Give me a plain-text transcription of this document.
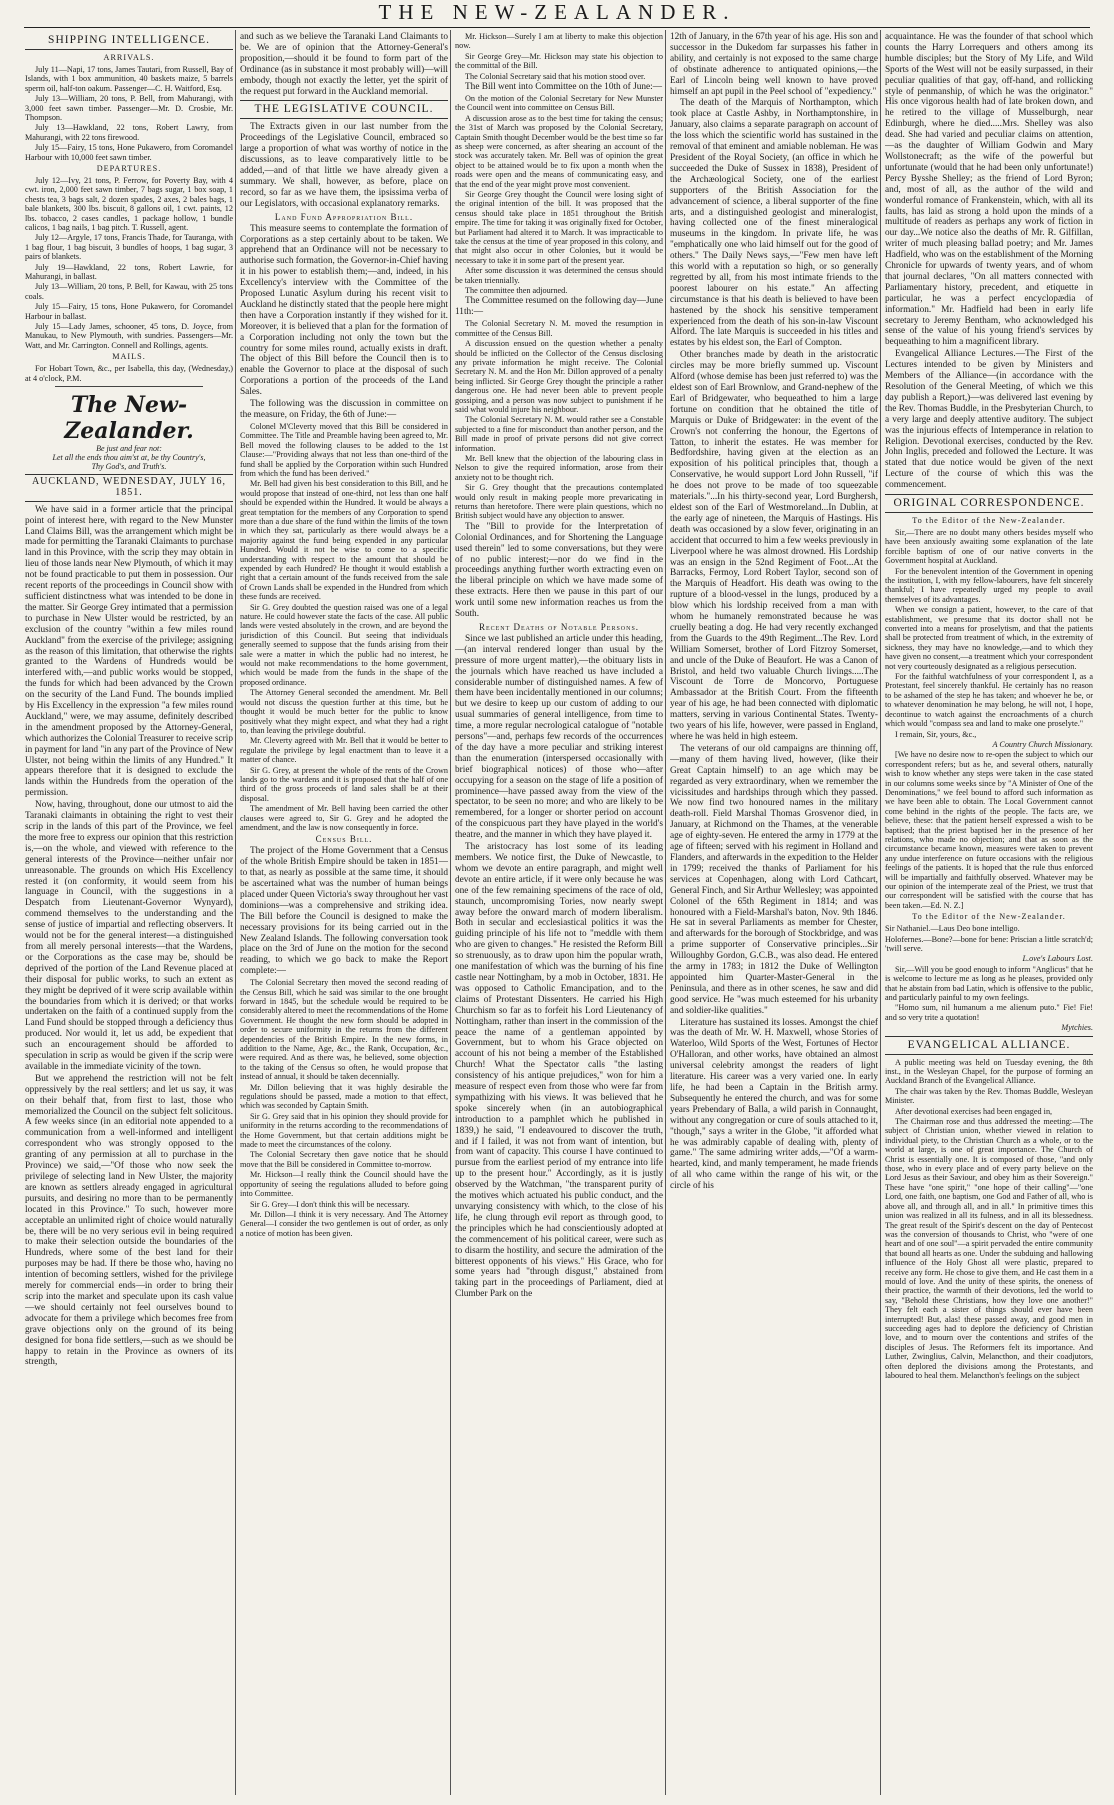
THE NEW-ZEALANDER.
SHIPPING INTELLIGENCE.
ARRIVALS.

July 11—Napi, 17 tons, James Tautari, from Russell, Bay of Islands, with 1 box ammunition, 40 baskets maize, 5 barrels sperm oil, half-ton oakum. Passenger—C. H. Waitford, Esq.

July 13—William, 20 tons, P. Bell, from Mahurangi, with 3,000 feet sawn timber. Passenger—Mr. D. Crosbie, Mr. Thompson.

July 13—Hawkland, 22 tons, Robert Lawry, from Mahurangi, with 22 tons firewood.

July 15—Fairy, 15 tons, Hone Pukawero, from Coromandel Harbour with 10,000 feet sawn timber.

DEPARTURES.

July 12—Ivy, 21 tons, P. Ferrow, for Poverty Bay, with 4 cwt. iron, 2,000 feet sawn timber, 7 bags sugar, 1 box soap, 1 chests tea, 3 bags salt, 2 dozen spades, 2 axes, 2 bales bags, 1 bale blankets, 300 lbs. biscuit, 8 gallons oil, 1 cwt. paints, 12 lbs. tobacco, 2 cases candles, 1 package hollow, 1 bundle calicos, 1 bag nails, 1 bag pitch. T. Russell, agent.

July 12—Argyle, 17 tons, Francis Thade, for Tauranga, with 1 bag flour, 1 bag biscuit, 3 bundles of hoops, 1 bag sugar, 3 pairs of blankets.

July 19—Hawkland, 22 tons, Robert Lawrie, for Mahurangi, in ballast.

July 13—William, 20 tons, P. Bell, for Kawau, with 25 tons coals.

July 15—Fairy, 15 tons, Hone Pukawero, for Coromandel Harbour in ballast.

July 15—Lady James, schooner, 45 tons, D. Joyce, from Manukau, to New Plymouth, with sundries. Passengers—Mr. Watt, and Mr. Carrington. Connell and Rollings, agents.

MAILS.

For Hobart Town, &c., per Isabella, this day, (Wednesday,) at 4 o'clock, P.M.

The New-Zealander.
Be just and fear not:
Let all the ends thou aim'st at, be thy Country's,
Thy God's, and Truth's.
AUCKLAND, WEDNESDAY, JULY 16, 1851.

We have said in a former article that the principal point of interest here, with regard to the New Munster Land Claims Bill, was the arrangement which might be made for permitting the Taranaki Claimants to purchase land in this Province, with the scrip they may obtain in lieu of those lands near New Plymouth, of which it may not be found practicable to put them in possession. Our recent reports of the proceedings in Council show with sufficient distinctness what was intended to be done in the matter. Sir George Grey intimated that a permission to purchase in New Ulster would be restricted, by an exclusion of the country "within a few miles round Auckland" from the exercise of the privilege; assigning as the reason of this limitation, that otherwise the rights granted to the Wardens of Hundreds would be interfered with,—and public works would be stopped, the funds for which had been advanced by the Crown on the security of the Land Fund. The bounds implied by His Excellency in the expression "a few miles round Auckland," were, we may assume, definitely described in the amendment proposed by the Attorney-General, which authorizes the Colonial Treasurer to receive scrip in payment for land "in any part of the Province of New Ulster, not being within the limits of any Hundred." It appears therefore that it is designed to exclude the lands within the Hundreds from the operation of the permission.

Now, having, throughout, done our utmost to aid the Taranaki claimants in obtaining the right to vest their scrip in the lands of this part of the Province, we feel the more free to express our opinion that this restriction is,—on the whole, and viewed with reference to the general interests of the Province—neither unfair nor unreasonable. The grounds on which His Excellency rested it (on conformity, it would seem from his language in Council, with the suggestions in a Despatch from Lieutenant-Governor Wynyard), commend themselves to the understanding and the sense of justice of impartial and reflecting observers. It would not be for the general interest—a distinguished from all merely personal interests—that the Wardens, or the Corporations as the case may be, should be deprived of the portion of the Land Revenue placed at their disposal for public works, to such an extent as they might be deprived of it were scrip available within the boundaries from which it is derived; or that works undertaken on the faith of a continued supply from the Land Fund should be stopped through a deficiency thus produced. Nor would it, let us add, be expedient that such an encouragement should be afforded to speculation in scrip as would be given if the scrip were available in the immediate vicinity of the town.

But we apprehend the restriction will not be felt oppressively by the real settlers; and let us say, it was on their behalf that, from first to last, those who memorialized the Council on the subject felt solicitous. A few weeks since (in an editorial note appended to a communication from a well-informed and intelligent correspondent who was strongly opposed to the granting of any permission at all to purchase in the Province) we said,—"Of those who now seek the privilege of selecting land in New Ulster, the majority are known as settlers already engaged in agricultural pursuits, and desiring no more than to be permanently located in this Province." To such, however more acceptable an unlimited right of choice would naturally be, there will be no very serious evil in being required to make their selection outside the boundaries of the Hundreds, where some of the best land for their purposes may be had. If there be those who, having no intention of becoming settlers, wished for the privilege merely for commercial ends—in order to bring their scrip into the market and speculate upon its cash value—we should certainly not feel ourselves bound to advocate for them a privilege which becomes free from grave objections only on the ground of its being designed for bona fide settlers,—such as we should be happy to retain in the Province as owners of its strength,

and such as we believe the Taranaki Land Claimants to be. We are of opinion that the Attorney-General's proposition,—should it be found to form part of the Ordinance (as in substance it most probably will)—will embody, though not exactly the letter, yet the spirit of the request put forward in the Auckland memorial.

THE LEGISLATIVE COUNCIL.

The Extracts given in our last number from the Proceedings of the Legislative Council, embraced so large a proportion of what was worthy of notice in the discussions, as to leave comparatively little to be added,—and of that little we have already given a summary. We shall, however, as before, place on record, so far as we have them, the ipsissima verba of our Legislators, with occasional explanatory remarks.

Land Fund Appropriation Bill.

This measure seems to contemplate the formation of Corporations as a step certainly about to be taken. We apprehend that an Ordinance will not be necessary to authorise such formation, the Governor-in-Chief having it in his power to establish them;—and, indeed, in his Excellency's interview with the Committee of the Proposed Lunatic Asylum during his recent visit to Auckland he distinctly stated that the people here might then have a Corporation instantly if they wished for it. Moreover, it is believed that a plan for the formation of a Corporation including not only the town but the country for some miles round, actually exists in draft. The object of this Bill before the Council then is to enable the Governor to place at the disposal of such Corporations a portion of the proceeds of the Land Sales.

The following was the discussion in committee on the measure, on Friday, the 6th of June:—

Colonel M'Cleverty moved that this Bill be considered in Committee. The Title and Preamble having been agreed to, Mr. Bell moved the following clauses to be added to the 1st Clause:—"Providing always that not less than one-third of the fund shall be applied by the Corporation within such Hundred from which the fund has been derived."

Mr. Bell had given his best consideration to this Bill, and he would propose that instead of one-third, not less than one half should be expended within the Hundred. It would be always a great temptation for the members of any Corporation to spend more than a due share of the fund within the limits of the town in which they sat, particularly as there would always be a majority against the fund being expended in any particular Hundred. Would it not be wise to come to a specific understanding with respect to the amount that should be expended by each Hundred? He thought it would establish a right that a certain amount of the funds received from the sale of Crown Lands shall be expended in the Hundred from which these funds are received.

Sir G. Grey doubted the question raised was one of a legal nature. He could however state the facts of the case. All public lands were vested absolutely in the crown, and are beyond the jurisdiction of this Council. But seeing that individuals generally seemed to suppose that the funds arising from their sale were a matter in which the public had no interest, he would not make recommendations to the home government, which would be made from the funds in the shape of the proposed ordinance.

The Attorney General seconded the amendment. Mr. Bell would not discuss the question further at this time, but he thought it would be much better for the public to know positively what they might expect, and what they had a right to, than leaving the privilege doubtful.

Mr. Cleverty agreed with Mr. Bell that it would be better to regulate the privilege by legal enactment than to leave it a matter of chance.

Sir G. Grey, at present the whole of the rents of the Crown lands go to the wardens and it is proposed that the half of one third of the gross proceeds of land sales shall be at their disposal.

The amendment of Mr. Bell having been carried the other clauses were agreed to, Sir G. Grey and he adopted the amendment, and the law is now consequently in force.

Census Bill.

The project of the Home Government that a Census of the whole British Empire should be taken in 1851—to that, as nearly as possible at the same time, it should be ascertained what was the number of human beings placed under Queen Victoria's sway throughout her vast dominions—was a comprehensive and striking idea. The Bill before the Council is designed to make the necessary provisions for its being carried out in the New Zealand Islands. The following conversation took place on the 3rd of June on the motion for the second reading, to which we go back to make the Report complete:—

The Colonial Secretary then moved the second reading of the Census Bill, which he said was similar to the one brought forward in 1845, but the schedule would be required to be considerably altered to meet the recommendations of the Home Government. He thought the new form should be adopted in order to secure uniformity in the returns from the different dependencies of the British Empire. In the new forms, in addition to the Name, Age, &c., the Rank, Occupation, &c., were required. And as there was, he believed, some objection to the taking of the Census so often, he would propose that instead of annual, it should be taken decennially.

Mr. Dillon believing that it was highly desirable the regulations should be passed, made a motion to that effect, which was seconded by Captain Smith.

Sir G. Grey said that in his opinion they should provide for uniformity in the returns according to the recommendations of the Home Government, but that certain additions might be made to meet the circumstances of the colony.

The Colonial Secretary then gave notice that he should move that the Bill be considered in Committee to-morrow.

Mr. Hickson—I really think the Council should have the opportunity of seeing the regulations alluded to before going into Committee.

Sir G. Grey—I don't think this will be necessary.

Mr. Dillon—I think it is very necessary. And The Attorney General—I consider the two gentlemen is out of order, as only a notice of motion has been given.

Mr. Hickson—Surely I am at liberty to make this objection now.

Sir George Grey—Mr. Hickson may state his objection to the committal of the Bill.

The Colonial Secretary said that his motion stood over.

The Bill went into Committee on the 10th of June:—

On the motion of the Colonial Secretary for New Munster the Council went into committee on Census Bill.

A discussion arose as to the best time for taking the census; the 31st of March was proposed by the Colonial Secretary, Captain Smith thought December would be the best time so far as sheep were concerned, as after shearing an account of the stock was accurately taken. Mr. Bell was of opinion the great object to be attained would be to fix upon a month when the roads were open and the means of communicating easy, and that the end of the year might prove most convenient.

Sir George Grey thought the Council were losing sight of the original intention of the bill. It was proposed that the census should take place in 1851 throughout the British empire. The time for taking it was originally fixed for October, but Parliament had altered it to March. It was impracticable to take the census at the time of year proposed in this colony, and that might also occur in other Colonies, but it would be necessary to take it in some part of the present year.

After some discussion it was determined the census should be taken triennially.

The committee then adjourned.

The Committee resumed on the following day—June 11th:—

The Colonial Secretary N. M. moved the resumption in committee of the Census Bill.

A discussion ensued on the question whether a penalty should be inflicted on the Collector of the Census disclosing any private information he might receive. The Colonial Secretary N. M. and the Hon Mr. Dillon approved of a penalty being inflicted. Sir George Grey thought the principle a rather dangerous one. He had never been able to prevent people gossiping, and a person was now subject to punishment if he said what would injure his neighbour.

The Colonial Secretary N. M. would rather see a Constable subjected to a fine for misconduct than another person, and the Bill made in proof of private persons did not give correct information.

Mr. Bell knew that the objection of the labouring class in Nelson to give the required information, arose from their anxiety not to be thought rich.

Sir G. Grey thought that the precautions contemplated would only result in making people more prevaricating in returns than heretofore. There were plain questions, which no British subject would have any objection to answer.

The "Bill to provide for the Interpretation of Colonial Ordinances, and for Shortening the Language used therein" led to some conversations, but they were of no public interest;—nor do we find in the proceedings anything further worth extracting even on the liberal principle on which we have made some of these extracts. Here then we pause in this part of our work until some new information reaches us from the South.

Recent Deaths of Notable Persons.

Since we last published an article under this heading,—(an interval rendered longer than usual by the pressure of more urgent matter),—the obituary lists in the journals which have reached us have included a considerable number of distinguished names. A few of them have been incidentally mentioned in our columns; but we desire to keep up our custom of adding to our usual summaries of general intelligence, from time to time, a more regular necrological catalogue of "notable persons"—and, perhaps few records of the occurrences of the day have a more peculiar and striking interest than the enumeration (interspersed occasionally with brief biographical notices) of those who—after occupying for a season on the stage of life a position of prominence—have passed away from the view of the spectator, to be seen no more; and who are likely to be remembered, for a longer or shorter period on account of the conspicuous part they have played in the world's theatre, and the manner in which they have played it.

The aristocracy has lost some of its leading members. We notice first, the Duke of Newcastle, to whom we devote an entire paragraph, and might well devote an entire article, if it were only because he was one of the few remaining specimens of the race of old, staunch, uncompromising Tories, now nearly swept away before the onward march of modern liberalism. Both in secular and ecclesiastical politics it was the guiding principle of his life not to "meddle with them who are given to changes." He resisted the Reform Bill so strenuously, as to draw upon him the popular wrath, one manifestation of which was the burning of his fine castle near Nottingham, by a mob in October, 1831. He was opposed to Catholic Emancipation, and to the claims of Protestant Dissenters. He carried his High Churchism so far as to forfeit his Lord Lieutenancy of Nottingham, rather than insert in the commission of the peace the name of a gentleman appointed by Government, but to whom his Grace objected on account of his not being a member of the Established Church! What the Spectator calls "the lasting consistency of his antique prejudices," won for him a measure of respect even from those who were far from sympathizing with his views. It was believed that he spoke sincerely when (in an autobiographical introduction to a pamphlet which he published in 1839,) he said, "I endeavoured to discover the truth, and if I failed, it was not from want of intention, but from want of capacity. This course I have continued to pursue from the earliest period of my entrance into life up to the present hour." Accordingly, as it is justly observed by the Watchman, "the transparent purity of the motives which actuated his public conduct, and the unvarying consistency with which, to the close of his life, he clung through evil report as through good, to the principles which he had conscientiously adopted at the commencement of his political career, were such as to disarm the hostility, and secure the admiration of the bitterest opponents of his views." His Grace, who for some years had "through disgust," abstained from taking part in the proceedings of Parliament, died at Clumber Park on the

12th of January, in the 67th year of his age. His son and successor in the Dukedom far surpasses his father in ability, and certainly is not exposed to the same charge of obstinate adherence to antiquated opinions,—the Earl of Lincoln being well known to have proved himself an apt pupil in the Peel school of "expediency."

The death of the Marquis of Northampton, which took place at Castle Ashby, in Northamptonshire, in January, also claims a separate paragraph on account of the loss which the scientific world has sustained in the removal of that eminent and amiable nobleman. He was President of the Royal Society, (an office in which he succeeded the Duke of Sussex in 1838), President of the Archæological Society, one of the earliest supporters of the British Association for the advancement of science, a liberal supporter of the fine arts, and a distinguished geologist and mineralogist, having collected one of the finest mineralogical museums in the kingdom. In private life, he was "emphatically one who laid himself out for the good of others." The Daily News says,—"Few men have left this world with a reputation so high, or so generally regretted by all, from his most intimate friends to the poorest labourer on his estate." An affecting circumstance is that his death is believed to have been hastened by the shock his sensitive temperament experienced from the death of his son-in-law Viscount Alford. The late Marquis is succeeded in his titles and estates by his eldest son, the Earl of Compton.

Other branches made by death in the aristocratic circles may be more briefly summed up. Viscount Alford (whose demise has been just referred to) was the eldest son of Earl Brownlow, and Grand-nephew of the Earl of Bridgewater, who bequeathed to him a large fortune on condition that he obtained the title of Marquis or Duke of Bridgewater: in the event of the Crown's not conferring the honour, the Egertons of Tatton, to inherit the estates. He was member for Bedfordshire, having given at the election as an exposition of his political principles that, though a Conservative, he would support Lord John Russell, "if he does not prove to be made of too squeezable materials."...In his thirty-second year, Lord Burghersh, eldest son of the Earl of Westmoreland...In Dublin, at the early age of nineteen, the Marquis of Hastings. His death was occasioned by a slow fever, originating in an accident that occurred to him a few weeks previously in Liverpool where he was almost drowned. His Lordship was an ensign in the 52nd Regiment of Foot...At the Barracks, Fermoy, Lord Robert Taylor, second son of the Marquis of Headfort. His death was owing to the rupture of a blood-vessel in the lungs, produced by a blow which his lordship received from a man with whom he humanely remonstrated because he was cruelly beating a dog. He had very recently exchanged from the Guards to the 49th Regiment...The Rev. Lord William Somerset, brother of Lord Fitzroy Somerset, and uncle of the Duke of Beaufort. He was a Canon of Bristol, and held two valuable Church livings.....The Viscount de Torre de Moncorvo, Portuguese Ambassador at the British Court. From the fifteenth year of his age, he had been connected with diplomatic matters, serving in various Continental States. Twenty-two years of his life, however, were passed in England, where he was held in high esteem.

The veterans of our old campaigns are thinning off,—many of them having lived, however, (like their Great Captain himself) to an age which may be regarded as very extraordinary, when we remember the vicissitudes and hardships through which they passed. We now find two honoured names in the military death-roll. Field Marshal Thomas Grosvenor died, in January, at Richmond on the Thames, at the venerable age of eighty-seven. He entered the army in 1779 at the age of fifteen; served with his regiment in Holland and Flanders, and afterwards in the expedition to the Helder in 1799; received the thanks of Parliament for his services at Copenhagen, along with Lord Cathcart, General Finch, and Sir Arthur Wellesley; was appointed Colonel of the 65th Regiment in 1814; and was honoured with a Field-Marshal's baton, Nov. 9th 1846. He sat in several Parliaments as member for Chester, and afterwards for the borough of Stockbridge, and was a prime supporter of Conservative principles...Sir Willoughby Gordon, G.C.B., was also dead. He entered the army in 1783; in 1812 the Duke of Wellington appointed him Quarter-Master-General in the Peninsula, and there as in other scenes, he saw and did good service. He "was much esteemed for his urbanity and soldier-like qualities."

Literature has sustained its losses. Amongst the chief was the death of Mr. W. H. Maxwell, whose Stories of Waterloo, Wild Sports of the West, Fortunes of Hector O'Halloran, and other works, have obtained an almost universal celebrity amongst the readers of light literature. His career was a very varied one. In early life, he had been a Captain in the British army. Subsequently he entered the church, and was for some years Prebendary of Balla, a wild parish in Connaught, without any congregation or cure of souls attached to it, "though," says a writer in the Globe, "it afforded what he was admirably capable of dealing with, plenty of game." The same admiring writer adds,—"Of a warm-hearted, kind, and manly temperament, he made friends of all who came within the range of his wit, or the circle of his

acquaintance. He was the founder of that school which counts the Harry Lorrequers and others among its humble disciples; but the Story of My Life, and Wild Sports of the West will not be easily surpassed, in their peculiar qualities of that gay, off-hand, and rollicking style of penmanship, of which he was the originator." His once vigorous health had of late broken down, and he retired to the village of Musselburgh, near Edinburgh, where he died.....Mrs. Shelley was also dead. She had varied and peculiar claims on attention,—as the daughter of William Godwin and Mary Wollstonecraft; as the wife of the powerful but unfortunate (would that he had been only unfortunate!) Percy Bysshe Shelley; as the friend of Lord Byron; and, most of all, as the author of the wild and wonderful romance of Frankenstein, which, with all its faults, has laid as strong a hold upon the minds of a multitude of readers as perhaps any work of fiction in our day...We notice also the deaths of Mr. R. Gilfillan, writer of much pleasing ballad poetry; and Mr. James Hadfield, who was on the establishment of the Morning Chronicle for upwards of twenty years, and of whom that journal declares, "On all matters connected with Parliamentary history, precedent, and etiquette in particular, he was a perfect encyclopædia of information." Mr. Hadfield had been in early life secretary to Jeremy Bentham, who acknowledged his sense of the value of his young friend's services by bequeathing to him a magnificent library.

Evangelical Alliance Lectures.—The First of the Lectures intended to be given by Ministers and Members of the Alliance—(in accordance with the Resolution of the General Meeting, of which we this day publish a Report,)—was delivered last evening by the Rev. Thomas Buddle, in the Presbyterian Church, to a very large and deeply attentive auditory. The subject was the injurious effects of Intemperance in relation to Religion. Devotional exercises, conducted by the Rev. John Inglis, preceded and followed the Lecture. It was stated that due notice would be given of the next Lecture of the course of which this was the commencement.

ORIGINAL CORRESPONDENCE.
To the Editor of the New-Zealander.

Sir,—There are no doubt many others besides myself who have been anxiously awaiting some explanation of the late forcible baptism of one of our native converts in the Government hospital at Auckland.

For the benevolent intention of the Government in opening the institution, I, with my fellow-labourers, have felt sincerely thankful; I have repeatedly urged my people to avail themselves of its advantages.

When we consign a patient, however, to the care of that establishment, we presume that its doctor shall not be converted into a means for proselytism, and that the patients shall be protected from treatment of which, in the extremity of sickness, they may have no knowledge,—and to which they have given no consent,—a treatment which your correspondent not very courteously designated as a religious persecution.

For the faithful watchfulness of your correspondent I, as a Protestant, feel sincerely thankful. He certainly has no reason to be ashamed of the step he has taken; and whoever he be, or to whatever denomination he may belong, he will not, I hope, decontinue to watch against the encroachments of a church which would "compass sea and land to make one proselyte."

I remain, Sir, yours, &c.,

A Country Church Missionary.

[We have no desire now to re-open the subject to which our correspondent refers; but as he, and several others, naturally wish to know whether any steps were taken in the case stated in our columns some weeks since by "A Minister of One of the Denominations," we feel bound to afford such information as we have been able to obtain. The Local Government cannot come behind in the rights of the people. The facts are, we believe, these: that the patient herself expressed a wish to be baptised; that the priest baptised her in the presence of her relations, who made no objection; and that as soon as the circumstance became known, measures were taken to prevent any undue interference on future occasions with the religious feelings of the patients. It is hoped that the rule thus enforced will be impartially and faithfully observed. Whatever may be our opinion of the intemperate zeal of the Priest, we trust that our correspondent will be satisfied with the course that has been taken.—Ed. N. Z.]

To the Editor of the New-Zealander.

Sir Nathaniel.—Laus Deo bone intelligo.

Holofernes.—Bone?—bone for bene: Priscian a little scratch'd; 'twill serve.

L.ove's Labours Lost.

Sir,—Will you be good enough to inform "Anglicus" that he is welcome to lecture me as long as he pleases, provided only that he abstain from bad Latin, which is offensive to the public, and particularly painful to my own feelings.

"Homo sum, nil humanum a me alienum puto." Fie! Fie! and so very trite a quotation!

Mytchies.

EVANGELICAL ALLIANCE.

A public meeting was held on Tuesday evening, the 8th inst., in the Wesleyan Chapel, for the purpose of forming an Auckland Branch of the Evangelical Alliance.

The chair was taken by the Rev. Thomas Buddle, Wesleyan Minister.

After devotional exercises had been engaged in,

The Chairman rose and thus addressed the meeting:—The subject of Christian union, whether viewed in relation to individual piety, to the Christian Church as a whole, or to the world at large, is one of great importance. The Church of Christ is essentially one. It is composed of those, "and only those, who in every place and of every party believe on the Lord Jesus as their Saviour, and obey him as their Sovereign." These have "one spirit," "one hope of their calling"—"one Lord, one faith, one baptism, one God and Father of all, who is above all, and through all, and in all." In primitive times this union was realized in all its fulness, and in all its blessedness. The great result of the Spirit's descent on the day of Pentecost was the conversion of thousands to Christ, who "were of one heart and of one soul"—a spirit pervaded the entire community that bound all hearts as one. Under the subduing and hallowing influence of the Holy Ghost all were plastic, prepared to receive any form. He chose to give them, and He cast them in a mould of love. And the unity of these spirits, the oneness of their practice, the warmth of their devotions, led the world to say, "Behold these Christians, how they love one another!" They felt each a sister of things should ever have been interrupted! But, alas! these passed away, and good men in succeeding ages had to deplore the deficiency of Christian love, and to mourn over the contentions and strifes of the disciples of Jesus. The Reformers felt its importance. And Luther, Zwinglius, Calvin, Melancthon, and their coadjutors, often deplored the divisions among the Protestants, and laboured to heal them. Melancthon's feelings on the subject
